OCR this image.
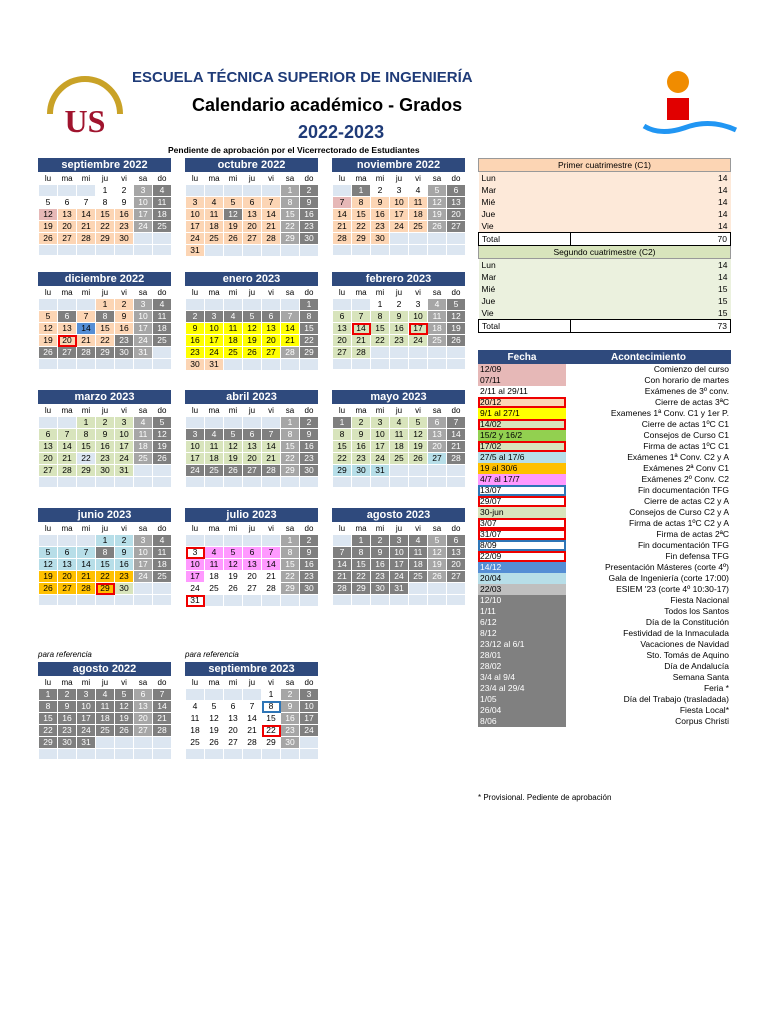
US
ESCUELA TÉCNICA SUPERIOR DE INGENIERÍA
Calendario académico - Grados
2022-2023
Pendiente de aprobación por el Vicerrectorado de Estudiantes
septiembre 2022
lu	ma	mi	ju	vi	sa	do
			1	2	3	4
5	6	7	8	9	10	11
12	13	14	15	16	17	18
19	20	21	22	23	24	25
26	27	28	29	30		

octubre 2022
lu	ma	mi	ju	vi	sa	do
					1	2
3	4	5	6	7	8	9
10	11	12	13	14	15	16
17	18	19	20	21	22	23
24	25	26	27	28	29	30
31						
noviembre 2022
lu	ma	mi	ju	vi	sa	do
	1	2	3	4	5	6
7	8	9	10	11	12	13
14	15	16	17	18	19	20
21	22	23	24	25	26	27
28	29	30				

diciembre 2022
lu	ma	mi	ju	vi	sa	do
			1	2	3	4
5	6	7	8	9	10	11
12	13	14	15	16	17	18
19	20	21	22	23	24	25
26	27	28	29	30	31	

enero 2023
lu	ma	mi	ju	vi	sa	do
						1
2	3	4	5	6	7	8
9	10	11	12	13	14	15
16	17	18	19	20	21	22
23	24	25	26	27	28	29
30	31					
febrero 2023
lu	ma	mi	ju	vi	sa	do
		1	2	3	4	5
6	7	8	9	10	11	12
13	14	15	16	17	18	19
20	21	22	23	24	25	26
27	28					

marzo 2023
lu	ma	mi	ju	vi	sa	do
		1	2	3	4	5
6	7	8	9	10	11	12
13	14	15	16	17	18	19
20	21	22	23	24	25	26
27	28	29	30	31		

abril 2023
lu	ma	mi	ju	vi	sa	do
					1	2
3	4	5	6	7	8	9
10	11	12	13	14	15	16
17	18	19	20	21	22	23
24	25	26	27	28	29	30

mayo 2023
lu	ma	mi	ju	vi	sa	do
1	2	3	4	5	6	7
8	9	10	11	12	13	14
15	16	17	18	19	20	21
22	23	24	25	26	27	28
29	30	31				

junio 2023
lu	ma	mi	ju	vi	sa	do
			1	2	3	4
5	6	7	8	9	10	11
12	13	14	15	16	17	18
19	20	21	22	23	24	25
26	27	28	29	30		

julio 2023
lu	ma	mi	ju	vi	sa	do
					1	2
3	4	5	6	7	8	9
10	11	12	13	14	15	16
17	18	19	20	21	22	23
24	25	26	27	28	29	30
31						
agosto 2023
lu	ma	mi	ju	vi	sa	do
	1	2	3	4	5	6
7	8	9	10	11	12	13
14	15	16	17	18	19	20
21	22	23	24	25	26	27
28	29	30	31			

para referencia
agosto 2022
lu	ma	mi	ju	vi	sa	do
1	2	3	4	5	6	7
8	9	10	11	12	13	14
15	16	17	18	19	20	21
22	23	24	25	26	27	28
29	30	31				

para referencia
septiembre 2023
lu	ma	mi	ju	vi	sa	do
				1	2	3
4	5	6	7	8	9	10
11	12	13	14	15	16	17
18	19	20	21	22	23	24
25	26	27	28	29	30	

Primer cuatrimestre (C1)	
Lun	14
Mar	14
Mié	14
Jue	14
Vie	14
Total	70
Segundo cuatrimestre (C2)	
Lun	14
Mar	14
Mié	15
Jue	15
Vie	15
Total	73
Fecha	Acontecimiento
12/09	Comienzo del curso
07/11	Con horario de martes
2/11 al 29/11	Exámenes de 3º conv.
20/12	Cierre de actas 3ªC
9/1 al 27/1	Examenes 1ª Conv. C1 y 1er P.
14/02	Cierre de actas 1ºC C1
15/2 y 16/2	Consejos de Curso C1
17/02	Firma de actas 1ºC C1
27/5 al 17/6	Exámenes 1ª Conv. C2 y A
19 al 30/6	Exámenes 2ª Conv C1
4/7 al 17/7	Exámenes 2º Conv. C2
13/07	Fin documentación TFG
29/07	Cierre de actas C2 y A
30-jun	Consejos de Curso C2 y A
3/07	Firma de actas 1ºC C2 y A
31/07	Firma de actas 2ªC
8/09	Fin documentación TFG
22/09	Fin defensa TFG
14/12	Presentación Másteres (corte 4º)
20/04	Gala de Ingeniería (corte 17:00)
22/03	ESIEM '23 (corte 4º 10:30-17)
12/10	Fiesta Nacional
1/11	Todos los Santos
6/12	Día de la Constitución
8/12	Festividad de la Inmaculada
23/12 al 6/1	Vacaciones de Navidad
28/01	Sto. Tomás de Aquino
28/02	Día de Andalucía
3/4 al 9/4	Semana Santa
23/4 al 29/4	Feria *
1/05	Día del Trabajo (trasladada)
26/04	Fiesta Local*
8/06	Corpus Christi
* Provisional. Pediente de aprobación
